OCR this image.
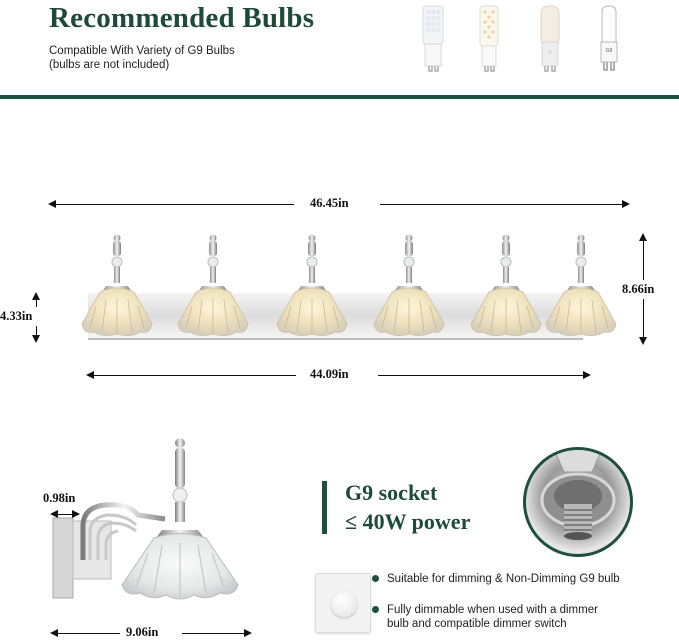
Recommended Bulbs
Compatible With Variety of G9 Bulbs
(bulbs are not included)
G9
46.45in
4.33in
8.66in
44.09in
0.98in
9.06in
G9 socket
≤ 40W power
Suitable for dimming & Non-Dimming G9 bulb
Fully dimmable when used with a dimmer
bulb and compatible dimmer switch
